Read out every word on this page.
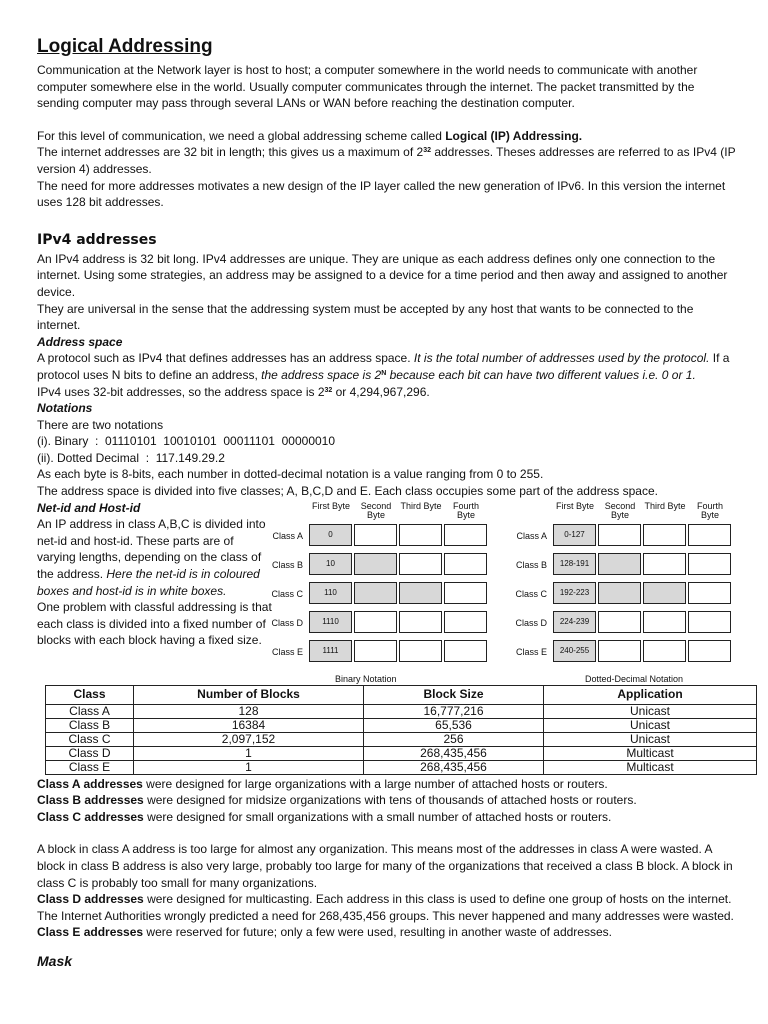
Logical Addressing

Communication at the Network layer is host to host; a computer somewhere in the world needs to communicate with another computer somewhere else in the world. Usually computer communicates through the internet. The packet transmitted by the sending computer may pass through several LANs or WAN before reaching the destination computer.

For this level of communication, we need a global addressing scheme called Logical (IP) Addressing.
The internet addresses are 32 bit in length; this gives us a maximum of $2^{32}$ addresses. Theses addresses are referred to as IPv4 (IP version 4) addresses.
The need for more addresses motivates a new design of the IP layer called the new generation of IPv6. In this version the internet uses 128 bit addresses.

IPv4 addresses

An IPv4 address is 32 bit long. IPv4 addresses are unique. They are unique as each address defines only one connection to the internet. Using some strategies, an address may be assigned to a device for a time period and then away and assigned to another device.

They are universal in the sense that the addressing system must be accepted by any host that wants to be connected to the internet.

Address space

A protocol such as IPv4 that defines addresses has an address space. It is the total number of addresses used by the protocol. If a protocol uses N bits to define an address, the address space is $2^N$ because each bit can have two different values i.e. 0 or 1.

IPv4 uses 32-bit addresses, so the address space is $2^{32}$ or 4,294,967,296.

Notations

There are two notations

(i). Binary  :  01110101  10010101  00011101  00000010

(ii). Dotted Decimal  :  117.149.29.2

As each byte is 8-bits, each number in dotted-decimal notation is a value ranging from 0 to 255.

The address space is divided into five classes; A, B,C,D and E. Each class occupies some part of the address space.

Net-id and Host-id

An IP address in class A,B,C is divided into net-id and host-id. These parts are of varying lengths, depending on the class of the address. Here the net-id is in coloured boxes and host-id is in white boxes.

One problem with classful addressing is that each class is divided into a fixed number of blocks with each block having a fixed size.

First Byte	Second Byte
Third Byte	Fourth Byte
Class A	0
Class B	10
Class C	110
Class D	1110
Class E	1111
Binary Notation
First Byte	Second Byte
Third Byte	Fourth Byte
Class A	0-127
Class B	128-191
Class C	192-223
Class D	224-239
Class E	240-255
Dotted-Decimal Notation
Class	Number of Blocks	Block Size	Application
Class A	128	16,777,216	Unicast
Class B	16384	65,536	Unicast
Class C	2,097,152	256	Unicast
Class D	1	268,435,456	Multicast
Class E	1	268,435,456	Multicast

Class A addresses were designed for large organizations with a large number of attached hosts or routers.

Class B addresses were designed for midsize organizations with tens of thousands of attached hosts or routers.

Class C addresses were designed for small organizations with a small number of attached hosts or routers.

A block in class A address is too large for almost any organization. This means most of the addresses in class A were wasted. A block in class B address is also very large, probably too large for many of the organizations that received a class B block. A block in class C is probably too small for many organizations.

Class D addresses were designed for multicasting. Each address in this class is used to define one group of hosts on the internet. The Internet Authorities wrongly predicted a need for 268,435,456 groups. This never happened and many addresses were wasted.

Class E addresses were reserved for future; only a few were used, resulting in another waste of addresses.

Mask
